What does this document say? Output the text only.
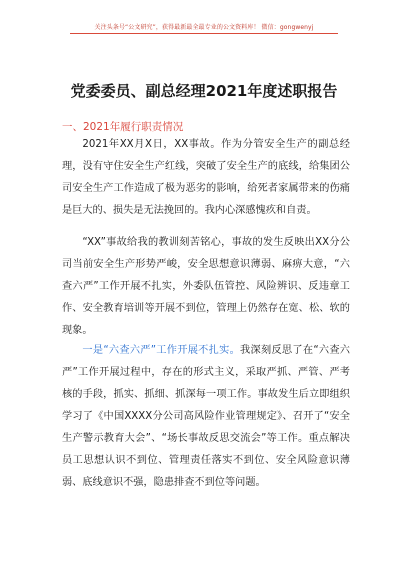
关注头条号“公文研究”，获得最新最全最专业的公文资料库！ 微信：gongwenyj
党委委员、副总经理2021年度述职报告
一、2021年履行职责情况

2021年XX月X日，XX事故。作为分管安全生产的副总经理，没有守住安全生产红线，突破了安全生产的底线，给集团公司安全生产工作造成了极为恶劣的影响，给死者家属带来的伤痛是巨大的、损失是无法挽回的。我内心深感愧疚和自责。

“XX”事故给我的教训刻苦铭心，事故的发生反映出XX分公司当前安全生产形势严峻，安全思想意识薄弱、麻痹大意，“六查六严”工作开展不扎实，外委队伍管控、风险辨识、反违章工作、安全教育培训等开展不到位，管理上仍然存在宽、松、软的现象。

一是“六查六严”工作开展不扎实。我深刻反思了在“六查六严”工作开展过程中，存在的形式主义，采取严抓、严管、严考核的手段，抓实、抓细、抓深每一项工作。事故发生后立即组织学习了《中国XXXX分公司高风险作业管理规定》、召开了“安全生产警示教育大会”、“场长事故反思交流会”等工作。重点解决员工思想认识不到位、管理责任落实不到位、安全风险意识薄弱、底线意识不强，隐患排查不到位等问题。
